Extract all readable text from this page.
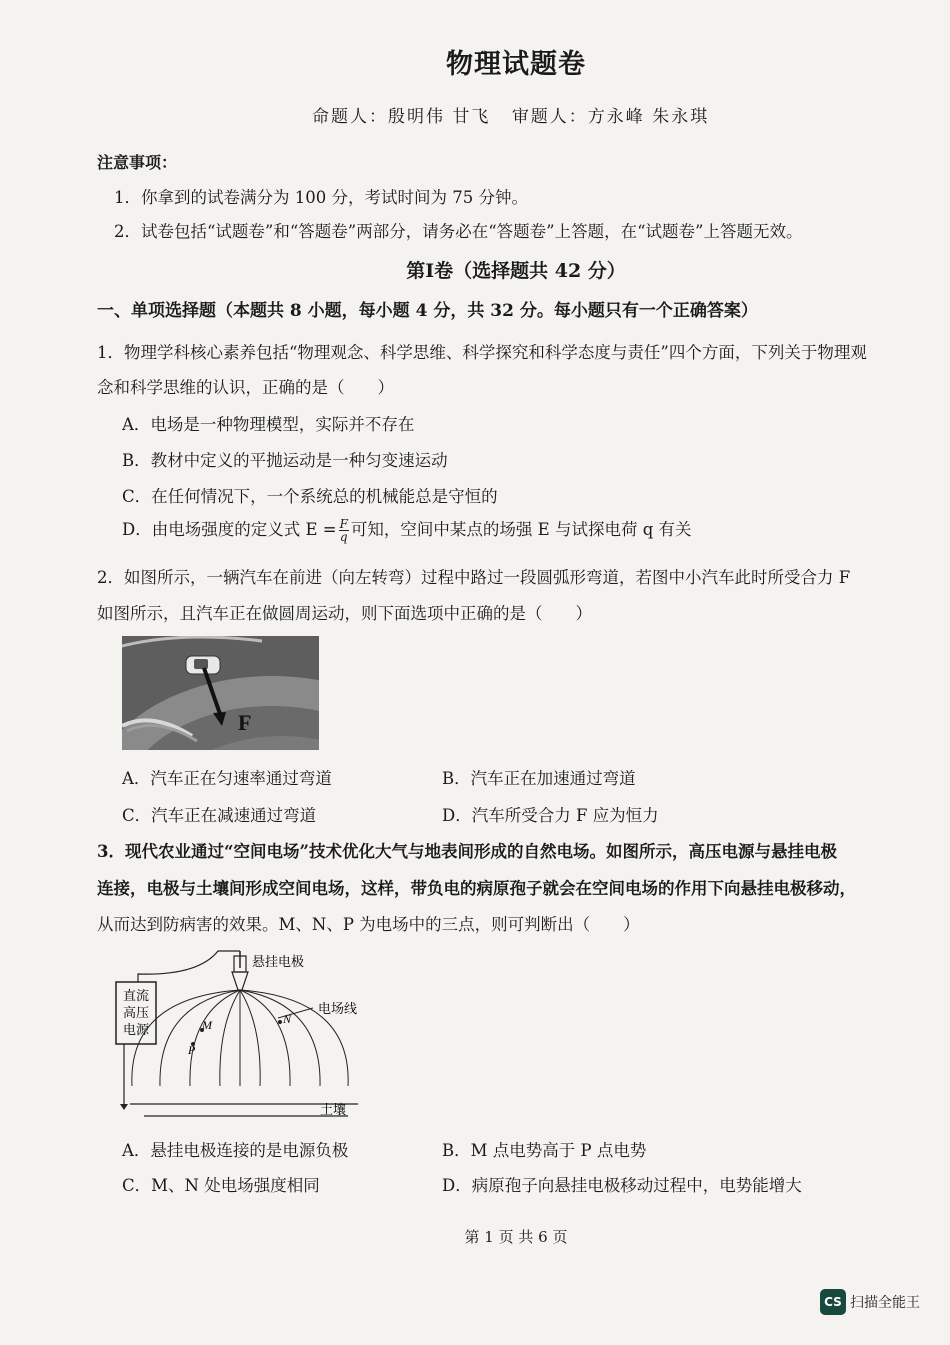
物理试题卷
命题人：殷明伟 甘飞 审题人：方永峰 朱永琪
注意事项：
1．你拿到的试卷满分为 100 分，考试时间为 75 分钟。
2．试卷包括“试题卷”和“答题卷”两部分，请务必在“答题卷”上答题，在“试题卷”上答题无效。
第Ⅰ卷（选择题共 42 分）
一、单项选择题（本题共 8 小题，每小题 4 分，共 32 分。每小题只有一个正确答案）
1．物理学科核心素养包括“物理观念、科学思维、科学探究和科学态度与责任”四个方面，下列关于物理观
念和科学思维的认识，正确的是（　　）
A．电场是一种物理模型，实际并不存在
B．教材中定义的平抛运动是一种匀变速运动
C．在任何情况下，一个系统总的机械能总是守恒的
D．由电场强度的定义式 $E = \frac{F}{q}$ 可知，空间中某点的场强 E 与试探电荷 q 有关
2．如图所示，一辆汽车在前进（向左转弯）过程中路过一段圆弧形弯道，若图中小汽车此时所受合力 F
如图所示，且汽车正在做圆周运动，则下面选项中正确的是（　　）
F
A．汽车正在匀速率通过弯道	B．汽车正在加速通过弯道
C．汽车正在减速通过弯道	D．汽车所受合力 F 应为恒力
3．现代农业通过“空间电场”技术优化大气与地表间形成的自然电场。如图所示，高压电源与悬挂电极
连接，电极与土壤间形成空间电场，这样，带负电的病原孢子就会在空间电场的作用下向悬挂电极移动，
从而达到防病害的效果。M、N、P 为电场中的三点，则可判断出（　　）
直流
高压
电源
悬挂电极
电场线
M
P
N
土壤
A．悬挂电极连接的是电源负极	B．M 点电势高于 P 点电势
C．M、N 处电场强度相同	D．病原孢子向悬挂电极移动过程中，电势能增大
第 1 页 共 6 页
CS 扫描全能王
